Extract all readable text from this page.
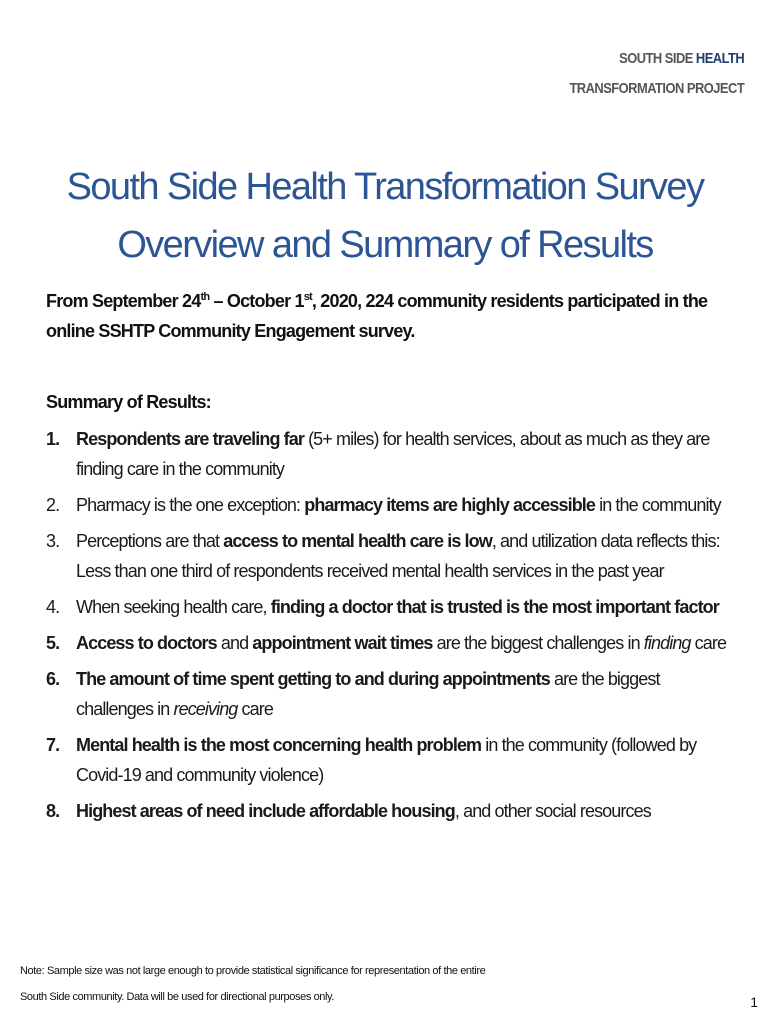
SOUTH SIDE HEALTH
TRANSFORMATION PROJECT
South Side Health Transformation Survey
Overview and Summary of Results
From September 24th – October 1st, 2020, 224 community residents participated in the online SSHTP Community Engagement survey.
Summary of Results:
1. Respondents are traveling far (5+ miles) for health services, about as much as they are finding care in the community
2. Pharmacy is the one exception: pharmacy items are highly accessible in the community
3. Perceptions are that access to mental health care is low, and utilization data reflects this: Less than one third of respondents received mental health services in the past year
4. When seeking health care, finding a doctor that is trusted is the most important factor
5. Access to doctors and appointment wait times are the biggest challenges in finding care
6. The amount of time spent getting to and during appointments are the biggest challenges in receiving care
7. Mental health is the most concerning health problem in the community (followed by Covid-19 and community violence)
8. Highest areas of need include affordable housing, and other social resources
Note: Sample size was not large enough to provide statistical significance for representation of the entire South Side community. Data will be used for directional purposes only.	1
